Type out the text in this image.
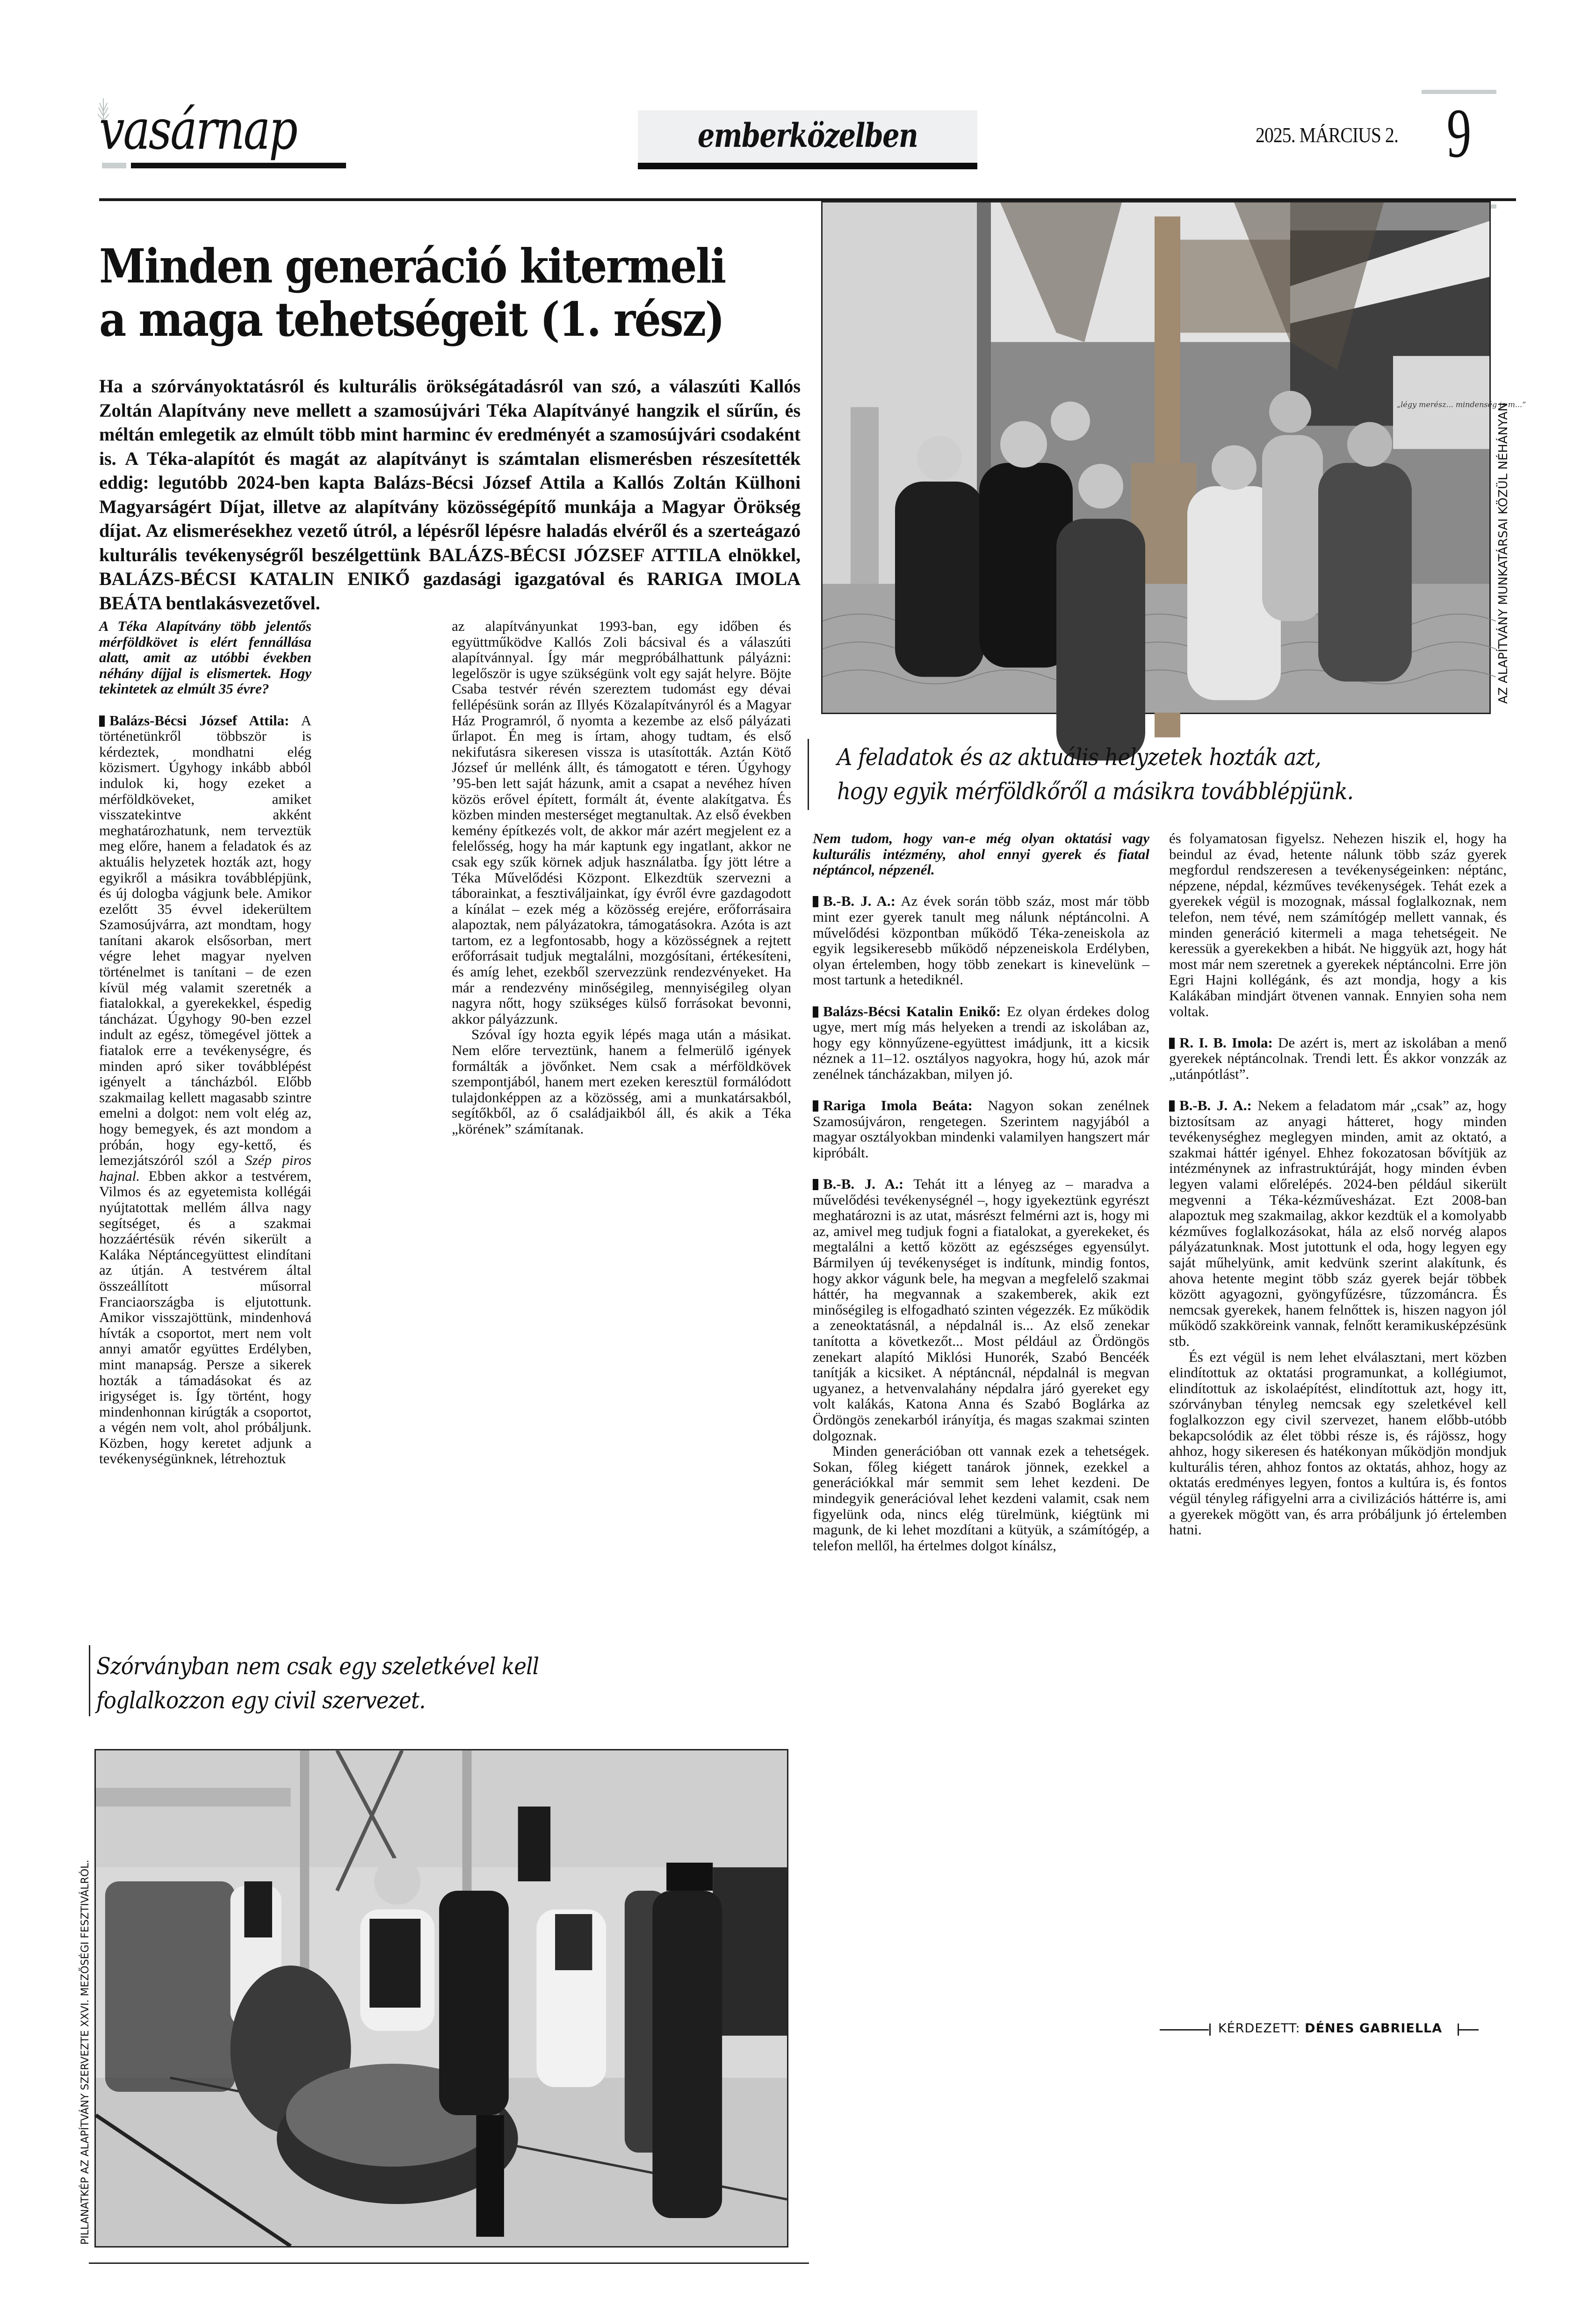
vasárnap	emberközelben	2025. MÁRCIUS 2. 9
Minden generáció kitermeli
a maga tehetségeit (1. rész)
Ha a szórványoktatásról és kulturális örökségátadásról van szó, a válaszúti Kallós Zoltán Alapítvány neve mellett a szamosújvári Téka Alapítványé hangzik el sűrűn, és méltán emlegetik az elmúlt több mint harminc év eredményét a szamosújvári csodaként is. A Téka-alapítót és magát az alapítványt is számtalan elismerésben részesítették eddig: legutóbb 2024-ben kapta Balázs-Bécsi József Attila a Kallós Zoltán Külhoni Magyarságért Díjat, illetve az alapítvány közösségépítő munkája a Magyar Örökség díjat. Az elismerésekhez vezető útról, a lépésről lépésre haladás elvéről és a szerteágazó kulturális tevékenységről beszélgettünk BALÁZS-BÉCSI JÓZSEF ATTILA elnökkel, BALÁZS-BÉCSI KATALIN ENIKŐ gazdasági igazgatóval és RARIGA IMOLA BEÁTA bentlakásvezetővel.
„légy merész... mindenség is m...”
AZ ALAPÍTVÁNY MUNKATÁRSAI KÖZÜL NÉHÁNYAN

A Téka Alapítvány több jelentős mérföldkövet is elért fennállása alatt, amit az utóbbi években néhány díjjal is elismertek. Hogy tekintetek az elmúlt 35 évre?

Balázs-Bécsi József Attila: A történetünkről többször is kérdeztek, mondhatni elég közismert. Úgyhogy inkább abból indulok ki, hogy ezeket a mérföldköveket, amiket visszatekintve akként meghatározhatunk, nem terveztük meg előre, hanem a feladatok és az aktuális helyzetek hozták azt, hogy egyikről a másikra továbblépjünk, és új dologba vágjunk bele. Amikor ezelőtt 35 évvel idekerültem Szamosújvárra, azt mondtam, hogy tanítani akarok elsősorban, mert végre lehet magyar nyelven történelmet is tanítani – de ezen kívül még valamit szeretnék a fiatalokkal, a gyerekekkel, éspedig táncházat. Úgyhogy 90-ben ezzel indult az egész, tömegével jöttek a fiatalok erre a tevékenységre, és minden apró siker továbblépést igényelt a táncházból. Előbb szakmailag kellett magasabb szintre emelni a dolgot: nem volt elég az, hogy bemegyek, és azt mondom a próbán, hogy egy-kettő, és lemezjátszóról szól a Szép piros hajnal. Ebben akkor a testvérem, Vilmos és az egyetemista kollégái nyújtatottak mellém állva nagy segítséget, és a szakmai hozzáértésük révén sikerült a Kaláka Néptáncegyüttest elindítani az útján. A testvérem által összeállított műsorral Franciaországba is eljutottunk. Amikor visszajöttünk, mindenhová hívták a csoportot, mert nem volt annyi amatőr együttes Erdélyben, mint manapság. Persze a sikerek hozták a támadásokat és az irigységet is. Így történt, hogy mindenhonnan kirúgták a csoportot, a végén nem volt, ahol próbáljunk. Közben, hogy keretet adjunk a tevékenységünknek, létrehoztuk

az alapítványunkat 1993-ban, egy időben és együttműködve Kallós Zoli bácsival és a válaszúti alapítvánnyal. Így már megpróbálhattunk pályázni: legelőször is ugye szükségünk volt egy saját helyre. Böjte Csaba testvér révén szereztem tudomást egy dévai fellépésünk során az Illyés Közalapítványról és a Magyar Ház Programról, ő nyomta a kezembe az első pályázati űrlapot. Én meg is írtam, ahogy tudtam, és első nekifutásra sikeresen vissza is utasították. Aztán Kötő József úr mellénk állt, és támogatott e téren. Úgyhogy ’95-ben lett saját házunk, amit a csapat a nevéhez híven közös erővel épített, formált át, évente alakítgatva. És közben minden mesterséget megtanultak. Az első években kemény építkezés volt, de akkor már azért megjelent ez a felelősség, hogy ha már kaptunk egy ingatlant, akkor ne csak egy szűk körnek adjuk használatba. Így jött létre a Téka Művelődési Központ. Elkezdtük szervezni a táborainkat, a fesztiváljainkat, így évről évre gazdagodott a kínálat – ezek még a közösség erejére, erőforrásaira alapoztak, nem pályázatokra, támogatásokra. Azóta is azt tartom, ez a legfontosabb, hogy a közösségnek a rejtett erőforrásait tudjuk megtalálni, mozgósítani, értékesíteni, és amíg lehet, ezekből szervezzünk rendezvényeket. Ha már a rendezvény minőségileg, mennyiségileg olyan nagyra nőtt, hogy szükséges külső forrásokat bevonni, akkor pályázzunk.

Szóval így hozta egyik lépés maga után a másikat. Nem előre terveztünk, hanem a felmerülő igények formálták a jövőnket. Nem csak a mérföldkövek szempontjából, hanem mert ezeken keresztül formálódott tulajdonképpen az a közösség, ami a munkatársakból, segítőkből, az ő családjaikból áll, és akik a Téka „körének” számítanak.

A feladatok és az aktuális helyzetek hozták azt,
hogy egyik mérföldkőről a másikra továbblépjünk.

Nem tudom, hogy van-e még olyan oktatási vagy kulturális intézmény, ahol ennyi gyerek és fiatal néptáncol, népzenél.

B.-B. J. A.: Az évek során több száz, most már több mint ezer gyerek tanult meg nálunk néptáncolni. A művelődési központban működő Téka-zeneiskola az egyik legsikeresebb működő népzeneiskola Erdélyben, olyan értelemben, hogy több zenekart is kinevelünk – most tartunk a hetediknél.

Balázs-Bécsi Katalin Enikő: Ez olyan érdekes dolog ugye, mert míg más helyeken a trendi az iskolában az, hogy egy könnyűzene-együttest imádjunk, itt a kicsik néznek a 11–12. osztályos nagyokra, hogy hú, azok már zenélnek táncházakban, milyen jó.

Rariga Imola Beáta: Nagyon sokan zenélnek Szamosújváron, rengetegen. Szerintem nagyjából a magyar osztályokban mindenki valamilyen hangszert már kipróbált.

B.-B. J. A.: Tehát itt a lényeg az – maradva a művelődési tevékenységnél –, hogy igyekeztünk egyrészt meghatározni is az utat, másrészt felmérni azt is, hogy mi az, amivel meg tudjuk fogni a fiatalokat, a gyerekeket, és megtalálni a kettő között az egészséges egyensúlyt. Bármilyen új tevékenységet is indítunk, mindig fontos, hogy akkor vágunk bele, ha megvan a megfelelő szakmai háttér, ha megvannak a szakemberek, akik ezt minőségileg is elfogadható szinten végezzék. Ez működik a zeneoktatásnál, a népdalnál is... Az első zenekar tanította a következőt... Most például az Ördöngös zenekart alapító Miklósi Hunorék, Szabó Bencéék tanítják a kicsiket. A néptáncnál, népdalnál is megvan ugyanez, a hetvenvalahány népdalra járó gyereket egy volt kalákás, Katona Anna és Szabó Boglárka az Ördöngös zenekarból irányítja, és magas szakmai szinten dolgoznak.

Minden generációban ott vannak ezek a tehetségek. Sokan, főleg kiégett tanárok jönnek, ezekkel a generációkkal már semmit sem lehet kezdeni. De mindegyik generációval lehet kezdeni valamit, csak nem figyelünk oda, nincs elég türelmünk, kiégtünk mi magunk, de ki lehet mozdítani a kütyük, a számítógép, a telefon mellől, ha értelmes dolgot kínálsz,

és folyamatosan figyelsz. Nehezen hiszik el, hogy ha beindul az évad, hetente nálunk több száz gyerek megfordul rendszeresen a tevékenységeinken: néptánc, népzene, népdal, kézműves tevékenységek. Tehát ezek a gyerekek végül is mozognak, mással foglalkoznak, nem telefon, nem tévé, nem számítógép mellett vannak, és minden generáció kitermeli a maga tehetségeit. Ne keressük a gyerekekben a hibát. Ne higgyük azt, hogy hát most már nem szeretnek a gyerekek néptáncolni. Erre jön Egri Hajni kollégánk, és azt mondja, hogy a kis Kalákában mindjárt ötvenen vannak. Ennyien soha nem voltak.

R. I. B. Imola: De azért is, mert az iskolában a menő gyerekek néptáncolnak. Trendi lett. És akkor vonzzák az „utánpótlást”.

B.-B. J. A.: Nekem a feladatom már „csak” az, hogy biztosítsam az anyagi hátteret, hogy minden tevékenységhez meglegyen minden, amit az oktató, a szakmai háttér igényel. Ehhez fokozatosan bővítjük az intézménynek az infrastruktúráját, hogy minden évben legyen valami előrelépés. 2024-ben például sikerült megvenni a Téka-kézművesházat. Ezt 2008-ban alapoztuk meg szakmailag, akkor kezdtük el a komolyabb kézműves foglalkozásokat, hála az első norvég alapos pályázatunknak. Most jutottunk el oda, hogy legyen egy saját műhelyünk, amit kedvünk szerint alakítunk, és ahova hetente megint több száz gyerek bejár többek között agyagozni, gyöngyfűzésre, tűzzománcra. És nemcsak gyerekek, hanem felnőttek is, hiszen nagyon jól működő szakköreink vannak, felnőtt keramikusképzésünk stb.

És ezt végül is nem lehet elválasztani, mert közben elindítottuk az oktatási programunkat, a kollégiumot, elindítottuk az iskolaépítést, elindítottuk azt, hogy itt, szórványban tényleg nemcsak egy szeletkével kell foglalkozzon egy civil szervezet, hanem előbb-utóbb bekapcsolódik az élet többi része is, és rájössz, hogy ahhoz, hogy sikeresen és hatékonyan működjön mondjuk kulturális téren, ahhoz fontos az oktatás, ahhoz, hogy az oktatás eredményes legyen, fontos a kultúra is, és fontos végül tényleg ráfigyelni arra a civilizációs háttérre is, ami a gyerekek mögött van, és arra próbáljunk jó értelemben hatni.

Szórványban nem csak egy szeletkével kell
foglalkozzon egy civil szervezet.
PILLANATKÉP AZ ALAPÍTVÁNY SZERVEZTE XXVI. MEZŐSÉGI FESZTIVÁLRÓL.	KÉRDEZETT: DÉNES GABRIELLA
